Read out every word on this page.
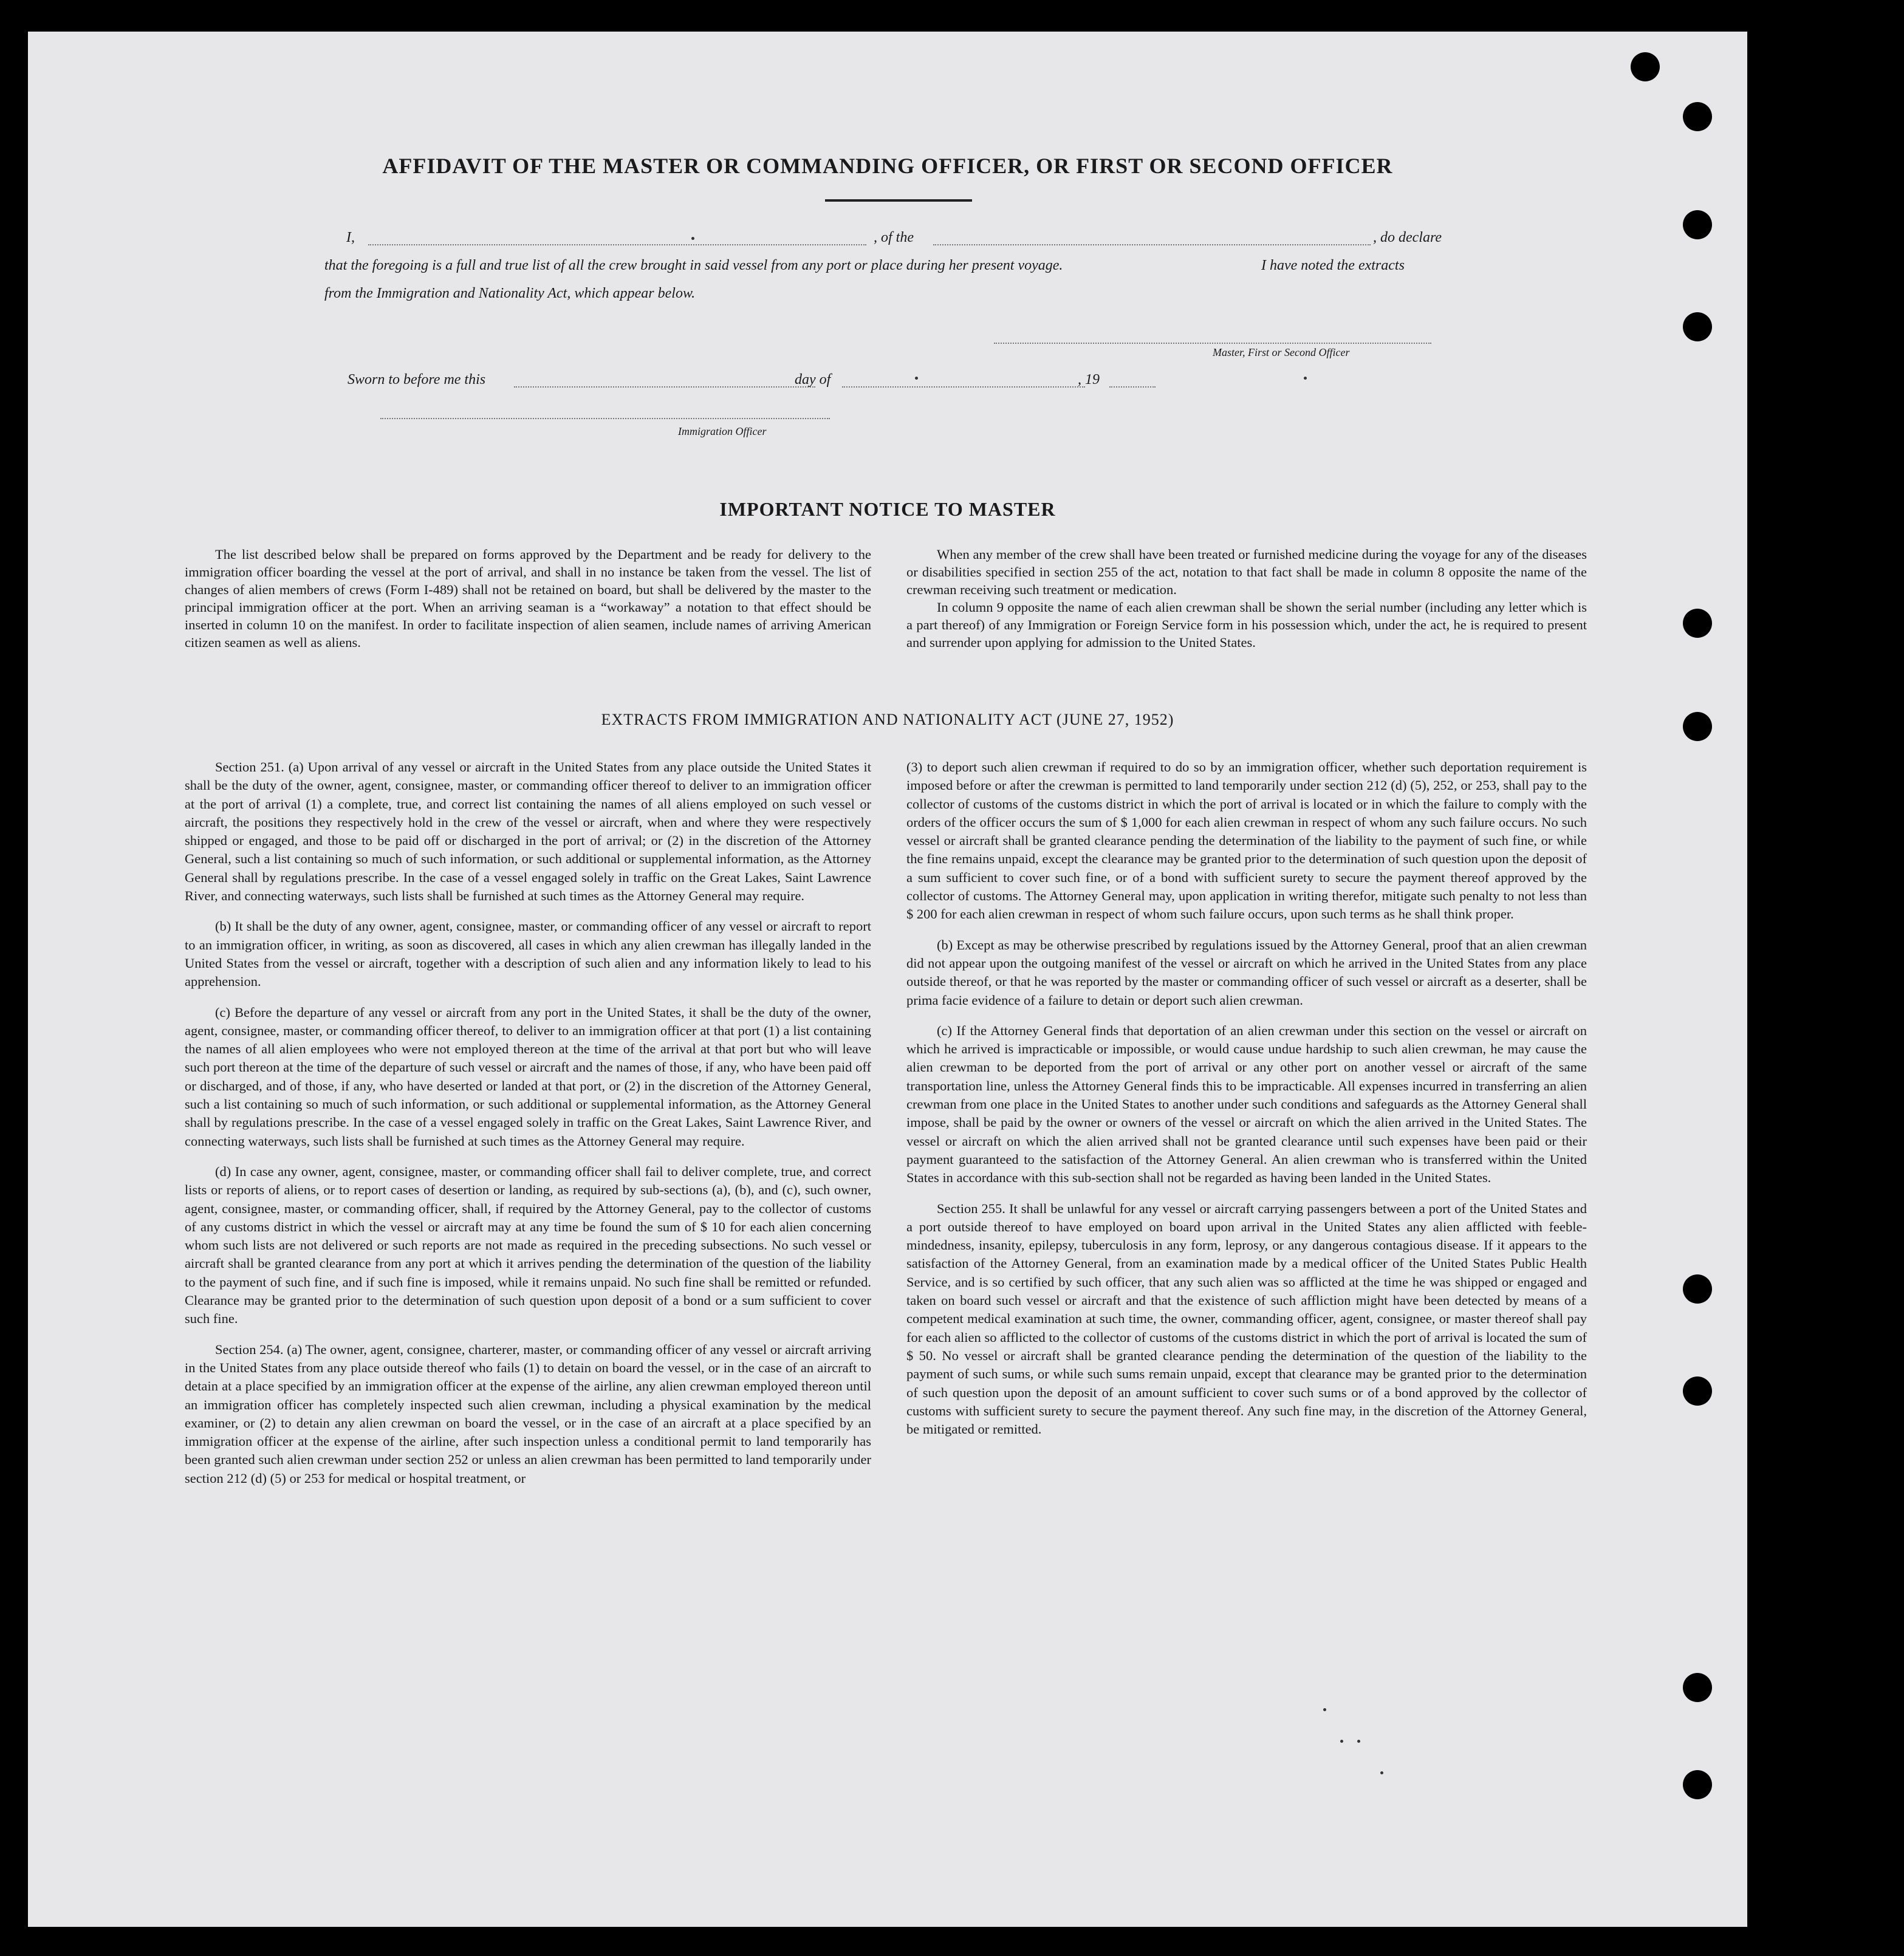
AFFIDAVIT OF THE MASTER OR COMMANDING OFFICER, OR FIRST OR SECOND OFFICER
I,	, of the	, do declare
that the foregoing is a full and true list of all the crew brought in said vessel from any port or place during her present voyage.	I have noted the extracts
from the Immigration and Nationality Act, which appear below.
Master, First or Second Officer
Sworn to before me this	day of	, 19
Immigration Officer
IMPORTANT NOTICE TO MASTER

The list described below shall be prepared on forms approved by the Department and be ready for delivery to the immigration officer boarding the vessel at the port of arrival, and shall in no instance be taken from the vessel. The list of changes of alien members of crews (Form I-489) shall not be retained on board, but shall be delivered by the master to the principal immigration officer at the port. When an arriving seaman is a “workaway” a notation to that effect should be inserted in column 10 on the manifest. In order to facilitate inspection of alien seamen, include names of arriving American citizen seamen as well as aliens.

When any member of the crew shall have been treated or furnished medicine during the voyage for any of the diseases or disabilities specified in section 255 of the act, notation to that fact shall be made in column 8 opposite the name of the crewman receiving such treatment or medication.

In column 9 opposite the name of each alien crewman shall be shown the serial number (including any letter which is a part thereof) of any Immigration or Foreign Service form in his possession which, under the act, he is required to present and surrender upon applying for admission to the United States.

EXTRACTS FROM IMMIGRATION AND NATIONALITY ACT (JUNE 27, 1952)

Section 251. (a) Upon arrival of any vessel or aircraft in the United States from any place outside the United States it shall be the duty of the owner, agent, consignee, master, or commanding officer thereof to deliver to an immigration officer at the port of arrival (1) a complete, true, and correct list containing the names of all aliens employed on such vessel or aircraft, the positions they respectively hold in the crew of the vessel or aircraft, when and where they were respectively shipped or engaged, and those to be paid off or discharged in the port of arrival; or (2) in the discretion of the Attorney General, such a list containing so much of such information, or such additional or supplemental information, as the Attorney General shall by regulations prescribe. In the case of a vessel engaged solely in traffic on the Great Lakes, Saint Lawrence River, and connecting waterways, such lists shall be furnished at such times as the Attorney General may require.

(b) It shall be the duty of any owner, agent, consignee, master, or commanding officer of any vessel or aircraft to report to an immigration officer, in writing, as soon as discovered, all cases in which any alien crewman has illegally landed in the United States from the vessel or aircraft, together with a description of such alien and any information likely to lead to his apprehension.

(c) Before the departure of any vessel or aircraft from any port in the United States, it shall be the duty of the owner, agent, consignee, master, or commanding officer thereof, to deliver to an immigration officer at that port (1) a list containing the names of all alien employees who were not employed thereon at the time of the arrival at that port but who will leave such port thereon at the time of the departure of such vessel or aircraft and the names of those, if any, who have been paid off or discharged, and of those, if any, who have deserted or landed at that port, or (2) in the discretion of the Attorney General, such a list containing so much of such information, or such additional or supplemental information, as the Attorney General shall by regulations prescribe. In the case of a vessel engaged solely in traffic on the Great Lakes, Saint Lawrence River, and connecting waterways, such lists shall be furnished at such times as the Attorney General may require.

(d) In case any owner, agent, consignee, master, or commanding officer shall fail to deliver complete, true, and correct lists or reports of aliens, or to report cases of desertion or landing, as required by sub-sections (a), (b), and (c), such owner, agent, consignee, master, or commanding officer, shall, if required by the Attorney General, pay to the collector of customs of any customs district in which the vessel or aircraft may at any time be found the sum of $ 10 for each alien concerning whom such lists are not delivered or such reports are not made as required in the preceding subsections. No such vessel or aircraft shall be granted clearance from any port at which it arrives pending the determination of the question of the liability to the payment of such fine, and if such fine is imposed, while it remains unpaid. No such fine shall be remitted or refunded. Clearance may be granted prior to the determination of such question upon deposit of a bond or a sum sufficient to cover such fine.

Section 254. (a) The owner, agent, consignee, charterer, master, or commanding officer of any vessel or aircraft arriving in the United States from any place outside thereof who fails (1) to detain on board the vessel, or in the case of an aircraft to detain at a place specified by an immigration officer at the expense of the airline, any alien crewman employed thereon until an immigration officer has completely inspected such alien crewman, including a physical examination by the medical examiner, or (2) to detain any alien crewman on board the vessel, or in the case of an aircraft at a place specified by an immigration officer at the expense of the airline, after such inspection unless a conditional permit to land temporarily has been granted such alien crewman under section 252 or unless an alien crewman has been permitted to land temporarily under section 212 (d) (5) or 253 for medical or hospital treatment, or

(3) to deport such alien crewman if required to do so by an immigration officer, whether such deportation requirement is imposed before or after the crewman is permitted to land temporarily under section 212 (d) (5), 252, or 253, shall pay to the collector of customs of the customs district in which the port of arrival is located or in which the failure to comply with the orders of the officer occurs the sum of $ 1,000 for each alien crewman in respect of whom any such failure occurs. No such vessel or aircraft shall be granted clearance pending the determination of the liability to the payment of such fine, or while the fine remains unpaid, except the clearance may be granted prior to the determination of such question upon the deposit of a sum sufficient to cover such fine, or of a bond with sufficient surety to secure the payment thereof approved by the collector of customs. The Attorney General may, upon application in writing therefor, mitigate such penalty to not less than $ 200 for each alien crewman in respect of whom such failure occurs, upon such terms as he shall think proper.

(b) Except as may be otherwise prescribed by regulations issued by the Attorney General, proof that an alien crewman did not appear upon the outgoing manifest of the vessel or aircraft on which he arrived in the United States from any place outside thereof, or that he was reported by the master or commanding officer of such vessel or aircraft as a deserter, shall be prima facie evidence of a failure to detain or deport such alien crewman.

(c) If the Attorney General finds that deportation of an alien crewman under this section on the vessel or aircraft on which he arrived is impracticable or impossible, or would cause undue hardship to such alien crewman, he may cause the alien crewman to be deported from the port of arrival or any other port on another vessel or aircraft of the same transportation line, unless the Attorney General finds this to be impracticable. All expenses incurred in transferring an alien crewman from one place in the United States to another under such conditions and safeguards as the Attorney General shall impose, shall be paid by the owner or owners of the vessel or aircraft on which the alien arrived in the United States. The vessel or aircraft on which the alien arrived shall not be granted clearance until such expenses have been paid or their payment guaranteed to the satisfaction of the Attorney General. An alien crewman who is transferred within the United States in accordance with this sub-section shall not be regarded as having been landed in the United States.

Section 255. It shall be unlawful for any vessel or aircraft carrying passengers between a port of the United States and a port outside thereof to have employed on board upon arrival in the United States any alien afflicted with feeble-mindedness, insanity, epilepsy, tuberculosis in any form, leprosy, or any dangerous contagious disease. If it appears to the satisfaction of the Attorney General, from an examination made by a medical officer of the United States Public Health Service, and is so certified by such officer, that any such alien was so afflicted at the time he was shipped or engaged and taken on board such vessel or aircraft and that the existence of such affliction might have been detected by means of a competent medical examination at such time, the owner, commanding officer, agent, consignee, or master thereof shall pay for each alien so afflicted to the collector of customs of the customs district in which the port of arrival is located the sum of $ 50. No vessel or aircraft shall be granted clearance pending the determination of the question of the liability to the payment of such sums, or while such sums remain unpaid, except that clearance may be granted prior to the determination of such question upon the deposit of an amount sufficient to cover such sums or of a bond approved by the collector of customs with sufficient surety to secure the payment thereof. Any such fine may, in the discretion of the Attorney General, be mitigated or remitted.
